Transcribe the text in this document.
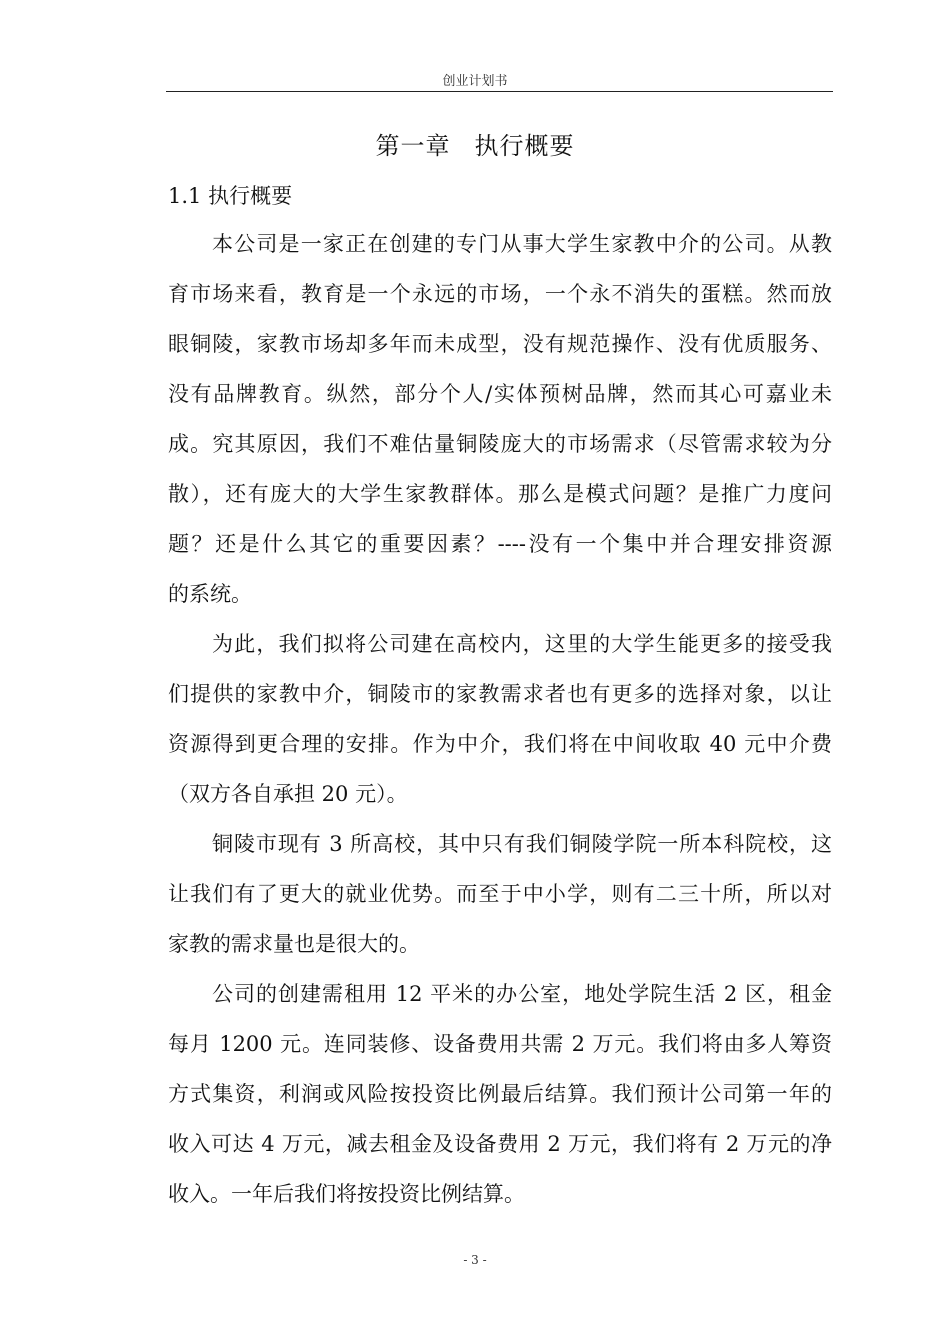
创业计划书
第一章 执行概要
1.1 执行概要
本公司是一家正在创建的专门从事大学生家教中介的公司。从教
育市场来看，教育是一个永远的市场，一个永不消失的蛋糕。然而放
眼铜陵，家教市场却多年而未成型，没有规范操作、没有优质服务、
没有品牌教育。纵然，部分个人/实体预树品牌，然而其心可嘉业未
成。究其原因，我们不难估量铜陵庞大的市场需求（尽管需求较为分
散），还有庞大的大学生家教群体。那么是模式问题？是推广力度问
题？还是什么其它的重要因素？----没有一个集中并合理安排资源
的系统。
为此，我们拟将公司建在高校内，这里的大学生能更多的接受我
们提供的家教中介，铜陵市的家教需求者也有更多的选择对象，以让
资源得到更合理的安排。作为中介，我们将在中间收取 40 元中介费
（双方各自承担 20 元）。
铜陵市现有 3 所高校，其中只有我们铜陵学院一所本科院校，这
让我们有了更大的就业优势。而至于中小学，则有二三十所，所以对
家教的需求量也是很大的。
公司的创建需租用 12 平米的办公室，地处学院生活 2 区，租金
每月 1200 元。连同装修、设备费用共需 2 万元。我们将由多人筹资
方式集资，利润或风险按投资比例最后结算。我们预计公司第一年的
收入可达 4 万元，减去租金及设备费用 2 万元，我们将有 2 万元的净
收入。一年后我们将按投资比例结算。
- 3 -
